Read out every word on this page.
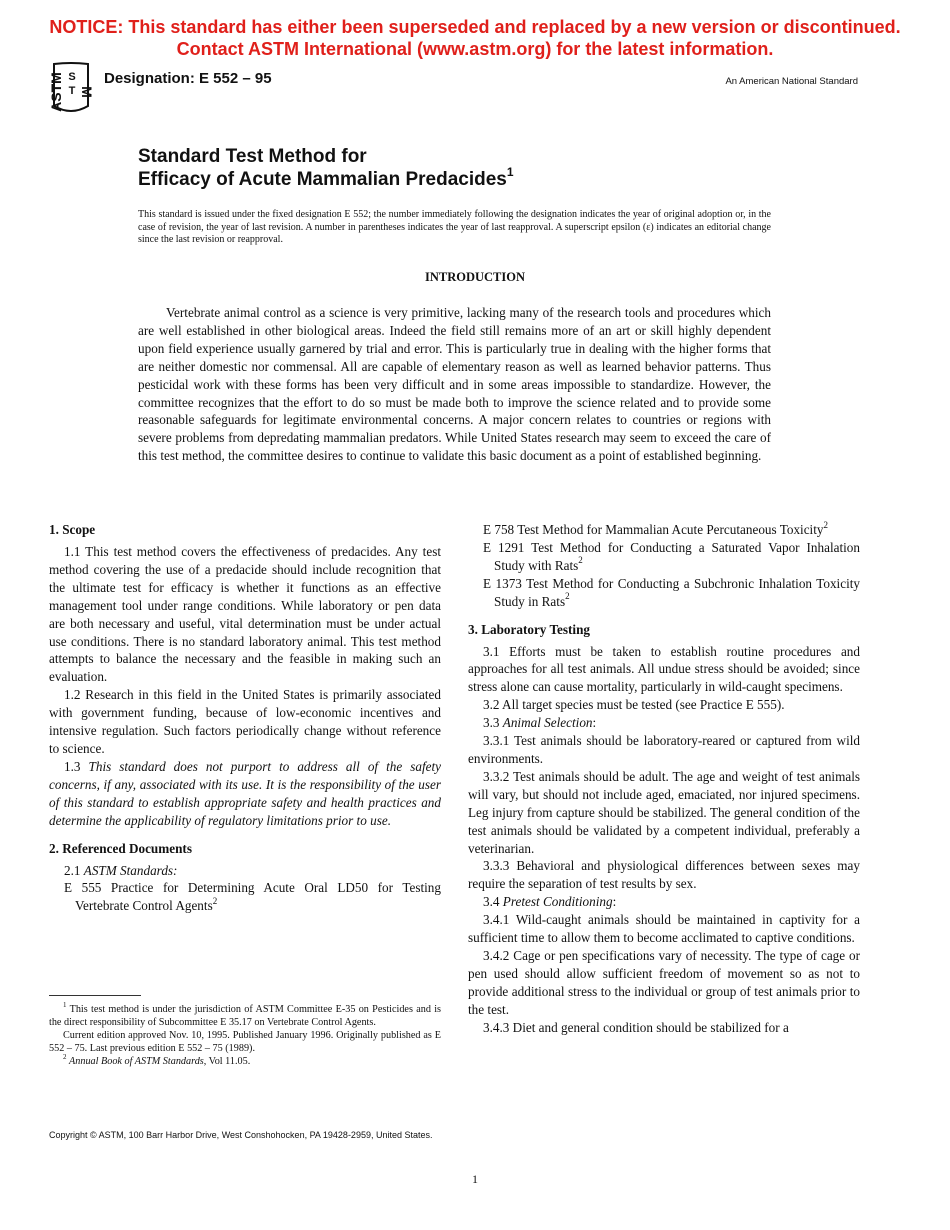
NOTICE: This standard has either been superseded and replaced by a new version or discontinued.
Contact ASTM International (www.astm.org) for the latest information.
ASTM S
T M
Designation: E 552 – 95	An American National Standard
Standard Test Method for
Efficacy of Acute Mammalian Predacides$^1$
This standard is issued under the fixed designation E 552; the number immediately following the designation indicates the year of original adoption or, in the case of revision, the year of last revision. A number in parentheses indicates the year of last reapproval. A superscript epsilon (ε) indicates an editorial change since the last revision or reapproval.
INTRODUCTION
Vertebrate animal control as a science is very primitive, lacking many of the research tools and procedures which are well established in other biological areas. Indeed the field still remains more of an art or skill highly dependent upon field experience usually garnered by trial and error. This is particularly true in dealing with the higher forms that are neither domestic nor commensal. All are capable of elementary reason as well as learned behavior patterns. Thus pesticidal work with these forms has been very difficult and in some areas impossible to standardize. However, the committee recognizes that the effort to do so must be made both to improve the science related and to provide some reasonable safeguards for legitimate environmental concerns. A major concern relates to countries or regions with severe problems from depredating mammalian predators. While United States research may seem to exceed the care of this test method, the committee desires to continue to validate this basic document as a point of established beginning.
1. Scope

1.1 This test method covers the effectiveness of predacides. Any test method covering the use of a predacide should include recognition that the ultimate test for efficacy is whether it functions as an effective management tool under range conditions. While laboratory or pen data are both necessary and useful, vital determination must be under actual use conditions. There is no standard laboratory animal. This test method attempts to balance the necessary and the feasible in making such an evaluation.

1.2 Research in this field in the United States is primarily associated with government funding, because of low-economic incentives and intensive regulation. Such factors periodically change without reference to science.

1.3 This standard does not purport to address all of the safety concerns, if any, associated with its use. It is the responsibility of the user of this standard to establish appropriate safety and health practices and determine the applicability of regulatory limitations prior to use.

2. Referenced Documents

2.1 ASTM Standards:

E 555 Practice for Determining Acute Oral LD50 for Testing Vertebrate Control Agents$^2$

$^1$ This test method is under the jurisdiction of ASTM Committee E-35 on Pesticides and is the direct responsibility of Subcommittee E 35.17 on Vertebrate Control Agents.

Current edition approved Nov. 10, 1995. Published January 1996. Originally published as E 552 – 75. Last previous edition E 552 – 75 (1989).

$^2$ Annual Book of ASTM Standards, Vol 11.05.

E 758 Test Method for Mammalian Acute Percutaneous Toxicity$^2$

E 1291 Test Method for Conducting a Saturated Vapor Inhalation Study with Rats$^2$

E 1373 Test Method for Conducting a Subchronic Inhalation Toxicity Study in Rats$^2$

3. Laboratory Testing

3.1 Efforts must be taken to establish routine procedures and approaches for all test animals. All undue stress should be avoided; since stress alone can cause mortality, particularly in wild-caught specimens.

3.2 All target species must be tested (see Practice E 555).

3.3 Animal Selection:

3.3.1 Test animals should be laboratory-reared or captured from wild environments.

3.3.2 Test animals should be adult. The age and weight of test animals will vary, but should not include aged, emaciated, nor injured specimens. Leg injury from capture should be stabilized. The general condition of the test animals should be validated by a competent individual, preferably a veterinarian.

3.3.3 Behavioral and physiological differences between sexes may require the separation of test results by sex.

3.4 Pretest Conditioning:

3.4.1 Wild-caught animals should be maintained in captivity for a sufficient time to allow them to become acclimated to captive conditions.

3.4.2 Cage or pen specifications vary of necessity. The type of cage or pen used should allow sufficient freedom of movement so as not to provide additional stress to the individual or group of test animals prior to the test.

3.4.3 Diet and general condition should be stabilized for a

Copyright © ASTM, 100 Barr Harbor Drive, West Conshohocken, PA 19428-2959, United States.
1
